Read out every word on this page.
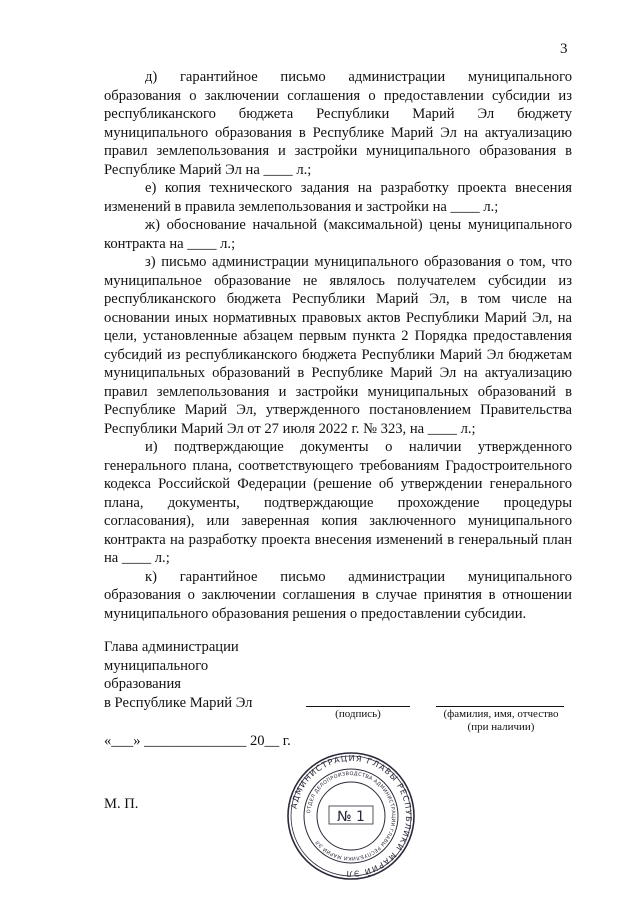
3

д) гарантийное письмо администрации муниципального образования о заключении соглашения о предоставлении субсидии из республиканского бюджета Республики Марий Эл бюджету муниципального образования в Республике Марий Эл на актуализацию правил землепользования и застройки муниципального образования в Республике Марий Эл на ____ л.;

е) копия технического задания на разработку проекта внесения изменений в правила землепользования и застройки на ____ л.;

ж) обоснование начальной (максимальной) цены муниципального контракта на ____ л.;

з) письмо администрации муниципального образования о том, что муниципальное образование не являлось получателем субсидии из республиканского бюджета Республики Марий Эл, в том числе на основании иных нормативных правовых актов Республики Марий Эл, на цели, установленные абзацем первым пункта 2 Порядка предоставления субсидий из республиканского бюджета Республики Марий Эл бюджетам муниципальных образований в Республике Марий Эл на актуализацию правил землепользования и застройки муниципальных образований в Республике Марий Эл, утвержденного постановлением Правительства Республики Марий Эл от 27 июля 2022 г. № 323, на ____ л.;

и) подтверждающие документы о наличии утвержденного генерального плана, соответствующего требованиям Градостроительного кодекса Российской Федерации (решение об утверждении генерального плана, документы, подтверждающие прохождение процедуры согласования), или заверенная копия заключенного муниципального контракта на разработку проекта внесения изменений в генеральный план на ____ л.;

к) гарантийное письмо администрации муниципального образования о заключении соглашения в случае принятия в отношении муниципального образования решения о предоставлении субсидии.

Глава администрации
муниципального
образования
в Республике Марий Эл
(подпись)	(фамилия, имя, отчество
(при наличии)
«___» ______________ 20__ г.
М. П.	АДМИНИСТРАЦИЯ ГЛАВЫ РЕСПУБЛИКИ МАРИЙ ЭЛ
ОТДЕЛ ДЕЛОПРОИЗВОДСТВА АДМИНИСТРАЦИИ ГЛАВЫ РЕСПУБЛИКИ МАРИЙ ЭЛ
№ 1
